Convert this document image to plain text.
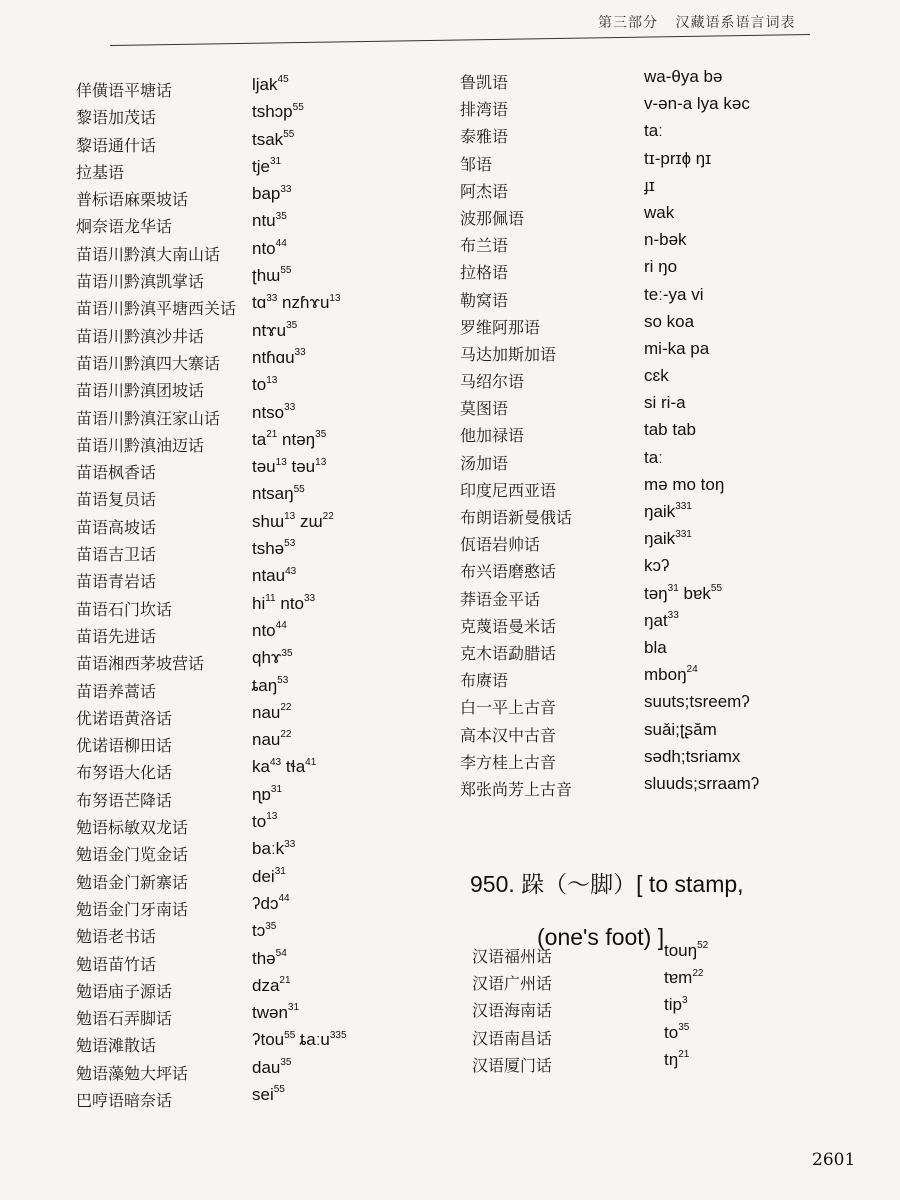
第三部分 汉藏语系语言词表
佯僙语平塘话	ljak$^{45}$
黎语加茂话	tshɔp$^{55}$
黎语通什话	tsak$^{55}$
拉基语	tje$^{31}$
普标语麻栗坡话	bap$^{33}$
炯奈语龙华话	ntu$^{35}$
苗语川黔滇大南山话 nto$^{44}$
苗语川黔滇凯掌话	ʈhɯ$^{55}$
苗语川黔滇平塘西关话 tɑ$^{33}$ nzɦɤu$^{13}$
苗语川黔滇沙井话	ntɤu$^{35}$
苗语川黔滇四大寨话 ntɦɑu$^{33}$
苗语川黔滇团坡话	$to^{13}$
苗语川黔滇汪家山话 ntso$^{33}$
苗语川黔滇油迈话	$ta^{21}$ ntəŋ$^{35}$
苗语枫香话	tәu$^{13}$ təu$^{13}$
苗语复员话	ntsaŋ$^{55}$
苗语高坡话	shɯ$^{13}$ zɯ$^{22}$
苗语吉卫话	tshə$^{53}$
苗语青岩话	ntau$^{43}$
苗语石门坎话	$hi^{11}$ nto$^{33}$
苗语先进话	nto$^{44}$
苗语湘西茅坡营话	qhɤ$^{35}$
苗语养蒿话	ȶaŋ$^{53}$
优诺语黄洛话	nau$^{22}$
优诺语柳田话	nau$^{22}$
布努语大化话	$ka^{43}$ tɬa$^{41}$
布努语芒降话	ɳɒ$^{31}$
勉语标敏双龙话	$to^{13}$
勉语金门览金话	baːk$^{33}$
勉语金门新寨话	dei$^{31}$
勉语金门牙南话	ʔdɔ$^{44}$
勉语老书话	tɔ$^{35}$
勉语苗竹话	thə$^{54}$
勉语庙子源话	dza$^{21}$
勉语石弄脚话	twən$^{31}$
勉语滩散话	ʔtou$^{55}$ ȶaːu$^{335}$
勉语藻勉大坪话	dau$^{35}$
巴哼语暗奈话	sei$^{55}$
鲁凯语	wa-θya bə
排湾语	v-ən-a lya kəc
泰雅语	taː
邹语	tɪ-prɪɸ ŋɪ
阿杰语	ɟɪ
波那佩语	wak
布兰语	n-bək
拉格语	ri ŋo
勒窝语	teː-ya vi
罗维阿那语	so koa
马达加斯加语	mi-ka pa
马绍尔语	cɛk
莫图语	si ri-a
他加禄语	tab tab
汤加语	taː
印度尼西亚语	mə mo toŋ
布朗语新曼俄话	ŋaik$^{331}$
佤语岩帅话	ŋaik$^{331}$
布兴语磨憨话	kɔʔ
莽语金平话	təŋ$^{31}$ bɐk$^{55}$
克蔑语曼米话	ŋat$^{33}$
克木语勐腊话	bla
布赓语	mboŋ$^{24}$
白一平上古音	suuts;tsreemʔ
高本汉中古音	suǎi;ʈʂăm
李方桂上古音	sədh;tsriamx
郑张尚芳上古音	sluuds;srraamʔ
950. 跺（～脚）[ to stamp,
(one's foot) ]
汉语福州话	touŋ$^{52}$
汉语广州话	tɐm$^{22}$
汉语海南话	tip$^3$
汉语南昌话	$to^{35}$
汉语厦门话	$tŋ^{21}$
2601
